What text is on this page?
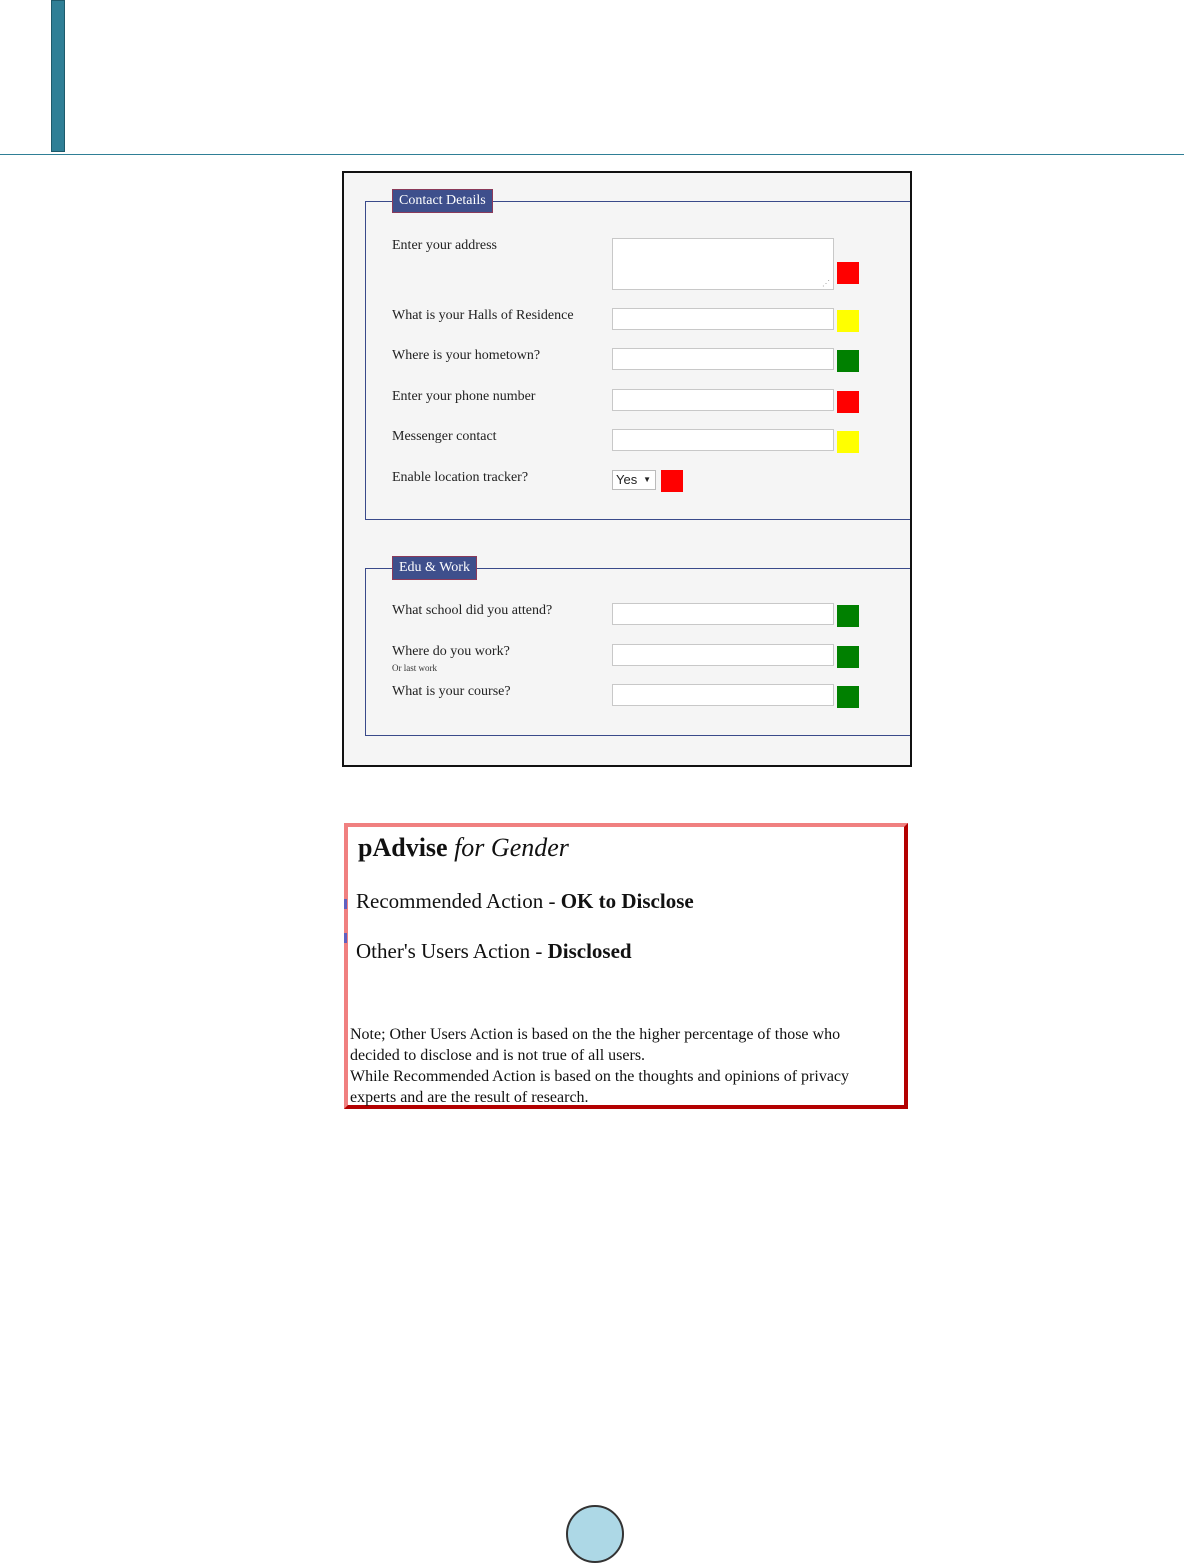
Contact Details
Enter your address
⋰
What is your Halls of Residence
Where is your hometown?
Enter your phone number
Messenger contact
Enable location tracker?	Yes ▼
Edu & Work
What school did you attend?
Where do you work?
Or last work
What is your course?
pAdvise for Gender
Recommended Action - OK to Disclose
Other's Users Action - Disclosed
Note; Other Users Action is based on the the higher percentage of those who
decided to disclose and is not true of all users.
While Recommended Action is based on the thoughts and opinions of privacy
experts and are the result of research.
